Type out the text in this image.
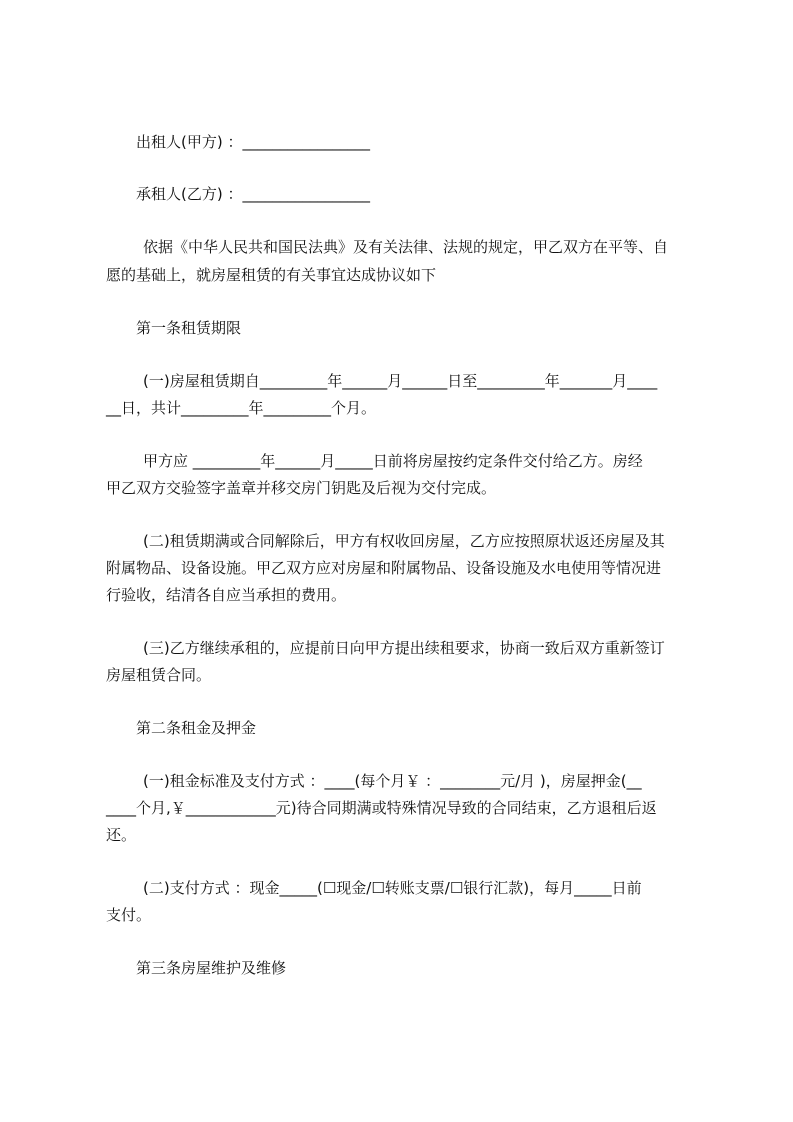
出租人(甲方) ：_________________
承租人(乙方) ：_________________
依据《中华人民共和国民法典》及有关法律、法规的规定，甲乙双方在平等、自
愿的基础上，就房屋租赁的有关事宜达成协议如下
第一条租赁期限
(一)房屋租赁期自_________年______月______日至_________年_______月____
__日，共计_________年_________个月。
甲方应 _________年______月_____日前将房屋按约定条件交付给乙方。房经
甲乙双方交验签字盖章并移交房门钥匙及后视为交付完成。
(二)租赁期满或合同解除后，甲方有权收回房屋，乙方应按照原状返还房屋及其
附属物品、设备设施。甲乙双方应对房屋和附属物品、设备设施及水电使用等情况进
行验收，结清各自应当承担的费用。
(三)乙方继续承租的，应提前日向甲方提出续租要求，协商一致后双方重新签订
房屋租赁合同。
第二条租金及押金
(一)租金标准及支付方式 ：____(每个月￥ ：________元/月 )，房屋押金(__
____个月,￥____________元)待合同期满或特殊情况导致的合同结束，乙方退租后返
还。
(二)支付方式 ：现金_____(☐现金/☐转账支票/☐银行汇款)，每月_____日前
支付。
第三条房屋维护及维修
